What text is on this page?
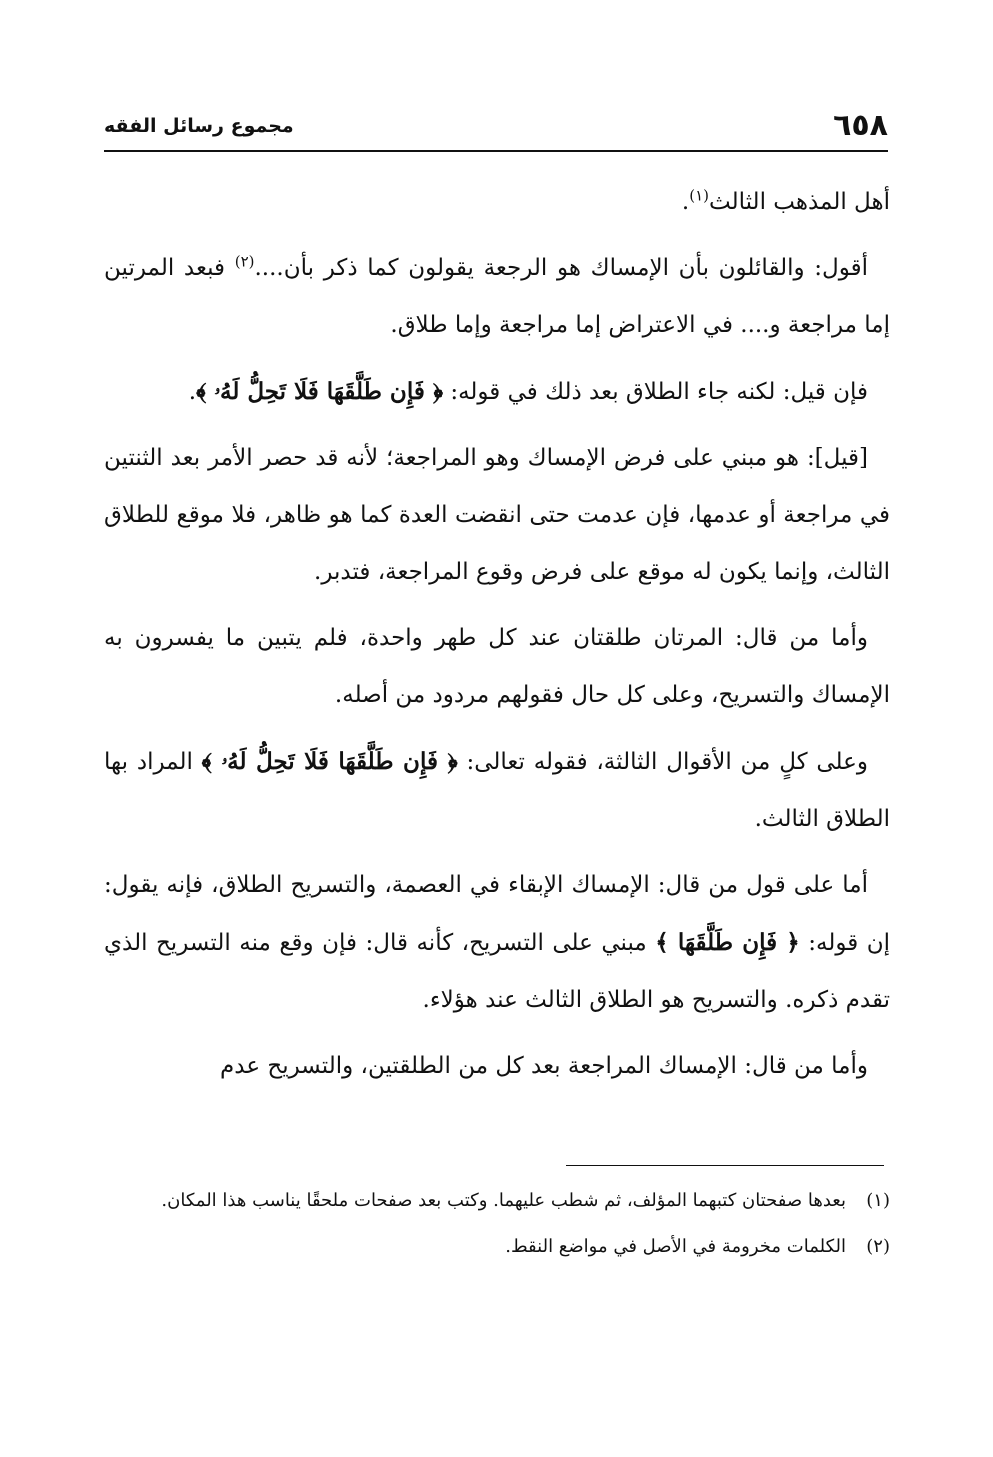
٦٥٨
مجموع رسائل الفقه

أهل المذهب الثالث$^{(١)}$.

أقول: والقائلون بأن الإمساك هو الرجعة يقولون كما ذكر بأن....$^{(٢)}$ فبعد المرتين إما مراجعة و.... في الاعتراض إما مراجعة وإما طلاق.

فإن قيل: لكنه جاء الطلاق بعد ذلك في قوله: ﴿ فَإِن طَلَّقَهَا فَلَا تَحِلُّ لَهُۥ ﴾.

[قيل]: هو مبني على فرض الإمساك وهو المراجعة؛ لأنه قد حصر الأمر بعد الثنتين في مراجعة أو عدمها، فإن عدمت حتى انقضت العدة كما هو ظاهر، فلا موقع للطلاق الثالث، وإنما يكون له موقع على فرض وقوع المراجعة، فتدبر.

وأما من قال: المرتان طلقتان عند كل طهر واحدة، فلم يتبين ما يفسرون به الإمساك والتسريح، وعلى كل حال فقولهم مردود من أصله.

وعلى كلٍ من الأقوال الثالثة، فقوله تعالى: ﴿ فَإِن طَلَّقَهَا فَلَا تَحِلُّ لَهُۥ ﴾ المراد بها الطلاق الثالث.

أما على قول من قال: الإمساك الإبقاء في العصمة، والتسريح الطلاق، فإنه يقول: إن قوله: ﴿ فَإِن طَلَّقَهَا ﴾ مبني على التسريح، كأنه قال: فإن وقع منه التسريح الذي تقدم ذكره. والتسريح هو الطلاق الثالث عند هؤلاء.

وأما من قال: الإمساك المراجعة بعد كل من الطلقتين، والتسريح عدم

(١)
بعدها صفحتان كتبهما المؤلف، ثم شطب عليهما. وكتب بعد صفحات ملحقًا يناسب هذا المكان.

(٢)
الكلمات مخرومة في الأصل في مواضع النقط.
